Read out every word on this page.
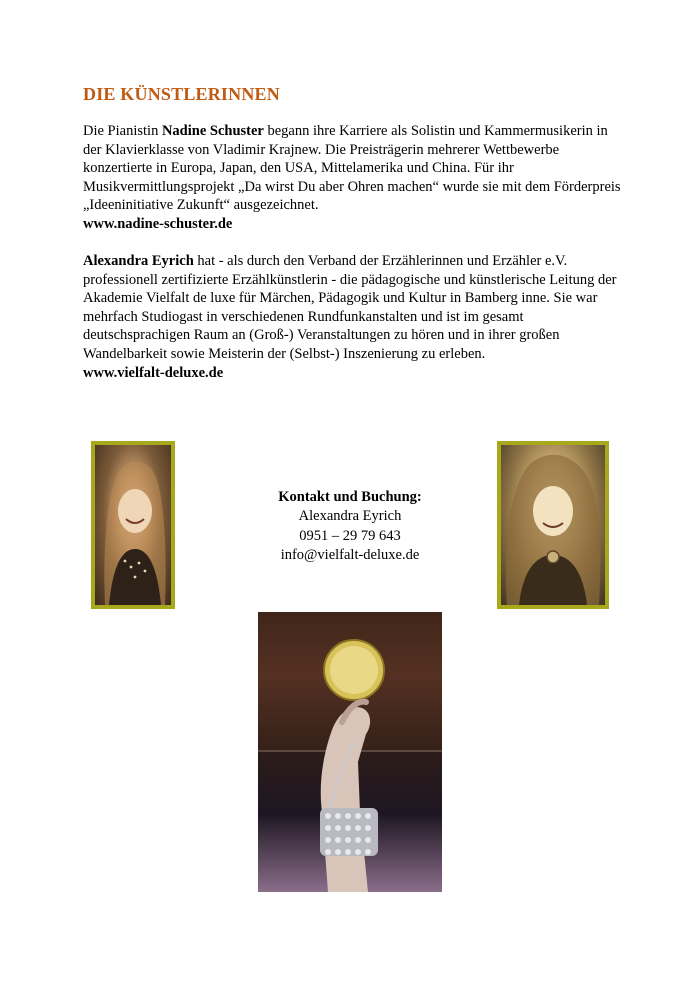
DIE KÜNSTLERINNEN

Die Pianistin Nadine Schuster begann ihre Karriere als Solistin und Kammermusikerin in der Klavierklasse von Vladimir Krajnew. Die Preisträgerin mehrerer Wettbewerbe konzertierte in Europa, Japan, den USA, Mittelamerika und China. Für ihr Musikvermittlungsprojekt „Da wirst Du aber Ohren machen“ wurde sie mit dem Förderpreis „Ideeninitiative Zukunft“ ausgezeichnet.
www.nadine-schuster.de

Alexandra Eyrich hat - als durch den Verband der Erzählerinnen und Erzähler e.V. professionell zertifizierte Erzählkünstlerin - die pädagogische und künstlerische Leitung der Akademie Vielfalt de luxe für Märchen, Pädagogik und Kultur in Bamberg inne. Sie war mehrfach Studiogast in verschiedenen Rundfunkanstalten und ist im gesamt deutschsprachigen Raum an (Groß-) Veranstaltungen zu hören und in ihrer großen Wandelbarkeit sowie Meisterin der (Selbst-) Inszenierung zu erleben.
www.vielfalt-deluxe.de

Kontakt und Buchung:
Alexandra Eyrich
0951 – 29 79 643
info@vielfalt-deluxe.de
